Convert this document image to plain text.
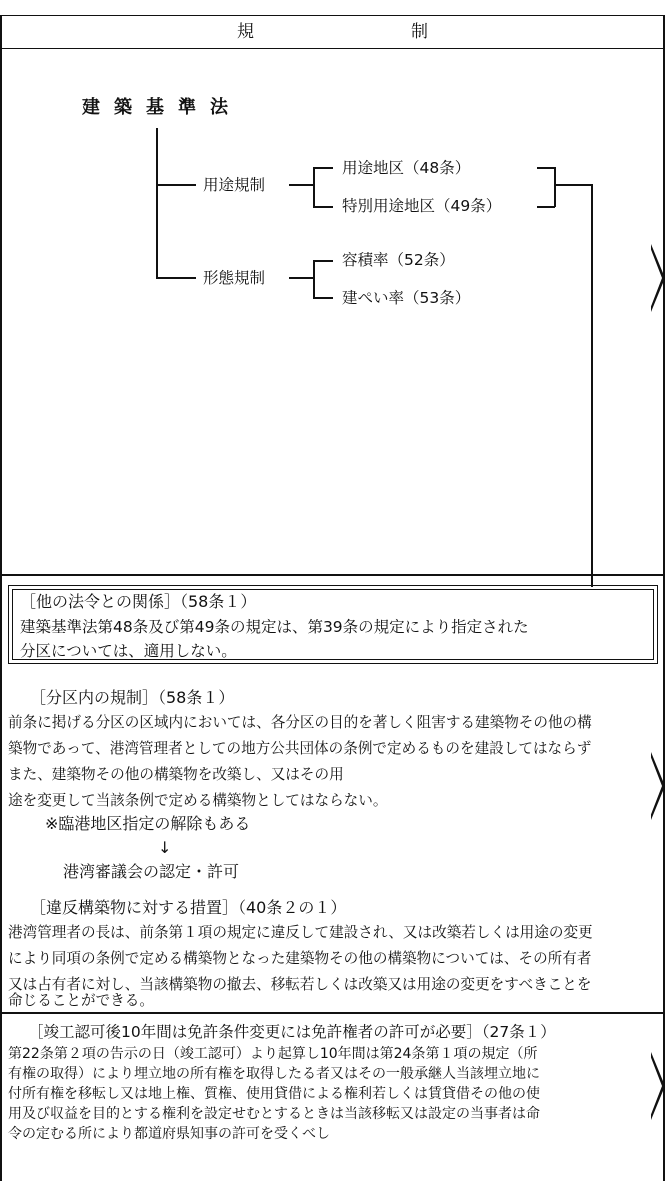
規　制
建築基準法
用途規制
形態規制
用途地区（48条）
特別用途地区（49条）
容積率（52条）
建ぺい率（53条）
［他の法令との関係］（58条１）
建築基準法第48条及び第49条の規定は、第39条の規定により指定された
分区については、適用しない。
［分区内の規制］（58条１）
前条に掲げる分区の区域内においては、各分区の目的を著しく阻害する建築物その他の構
築物であって、港湾管理者としての地方公共団体の条例で定めるものを建設してはならず
また、建築物その他の構築物を改築し、又はその用
途を変更して当該条例で定める構築物としてはならない。
※臨港地区指定の解除もある
↓
港湾審議会の認定・許可
［違反構築物に対する措置］（40条２の１）
港湾管理者の長は、前条第１項の規定に違反して建設され、又は改築若しくは用途の変更
により同項の条例で定める構築物となった建築物その他の構築物については、その所有者
又は占有者に対し、当該構築物の撤去、移転若しくは改築又は用途の変更をすべきことを
命じることができる。
［竣工認可後10年間は免許条件変更には免許権者の許可が必要］（27条１）
第22条第２項の告示の日（竣工認可）より起算し10年間は第24条第１項の規定（所
有権の取得）により埋立地の所有権を取得したる者又はその一般承継人当該埋立地に
付所有権を移転し又は地上権、質権、使用貸借による権利若しくは賃貸借その他の使
用及び収益を目的とする権利を設定せむとするときは当該移転又は設定の当事者は命
令の定むる所により都道府県知事の許可を受くべし
